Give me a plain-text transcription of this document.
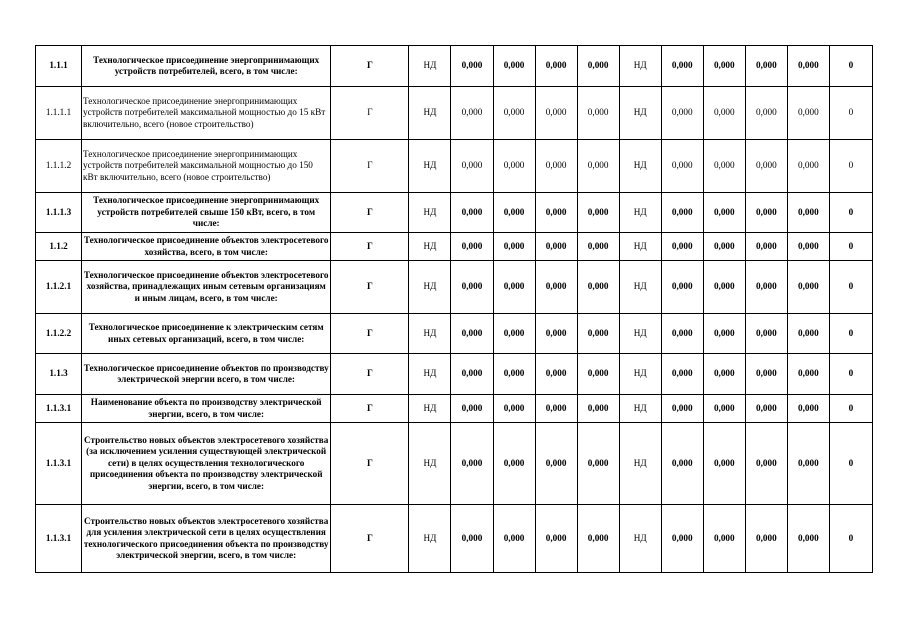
1.1.1	Технологическое присоединение энергопринимающих устройств потребителей, всего, в том числе:	Г	НД	0,000	0,000	0,000	0,000	НД	0,000	0,000	0,000	0,000	0
1.1.1.1	Технологическое присоединение энергопринимающих устройств потребителей максимальной мощностью до 15 кВт включительно, всего (новое строительство)	Г	НД	0,000	0,000	0,000	0,000	НД	0,000	0,000	0,000	0,000	0
1.1.1.2	Технологическое присоединение энергопринимающих устройств потребителей максимальной мощностью до 150 кВт включительно, всего (новое строительство)	Г	НД	0,000	0,000	0,000	0,000	НД	0,000	0,000	0,000	0,000	0
1.1.1.3	Технологическое присоединение энергопринимающих устройств потребителей свыше 150 кВт, всего, в том числе:	Г	НД	0,000	0,000	0,000	0,000	НД	0,000	0,000	0,000	0,000	0
1.1.2	Технологическое присоединение объектов электросетевого хозяйства, всего, в том числе:	Г	НД	0,000	0,000	0,000	0,000	НД	0,000	0,000	0,000	0,000	0
1.1.2.1	Технологическое присоединение объектов электросетевого хозяйства, принадлежащих иным сетевым организациям и иным лицам, всего, в том числе:	Г	НД	0,000	0,000	0,000	0,000	НД	0,000	0,000	0,000	0,000	0
1.1.2.2	Технологическое присоединение к электрическим сетям иных сетевых организаций, всего, в том числе:	Г	НД	0,000	0,000	0,000	0,000	НД	0,000	0,000	0,000	0,000	0
1.1.3	Технологическое присоединение объектов по производству электрической энергии всего, в том числе:	Г	НД	0,000	0,000	0,000	0,000	НД	0,000	0,000	0,000	0,000	0
1.1.3.1	Наименование объекта по производству электрической энергии, всего, в том числе:	Г	НД	0,000	0,000	0,000	0,000	НД	0,000	0,000	0,000	0,000	0
1.1.3.1	Строительство новых объектов электросетевого хозяйства (за исключением усиления существующей электрической сети) в целях осуществления технологического присоединения объекта по производству электрической энергии, всего, в том числе:	Г	НД	0,000	0,000	0,000	0,000	НД	0,000	0,000	0,000	0,000	0
1.1.3.1	Строительство новых объектов электросетевого хозяйства для усиления электрической сети в целях осуществления технологического присоединения объекта по производству электрической энергии, всего, в том числе:	Г	НД	0,000	0,000	0,000	0,000	НД	0,000	0,000	0,000	0,000	0
